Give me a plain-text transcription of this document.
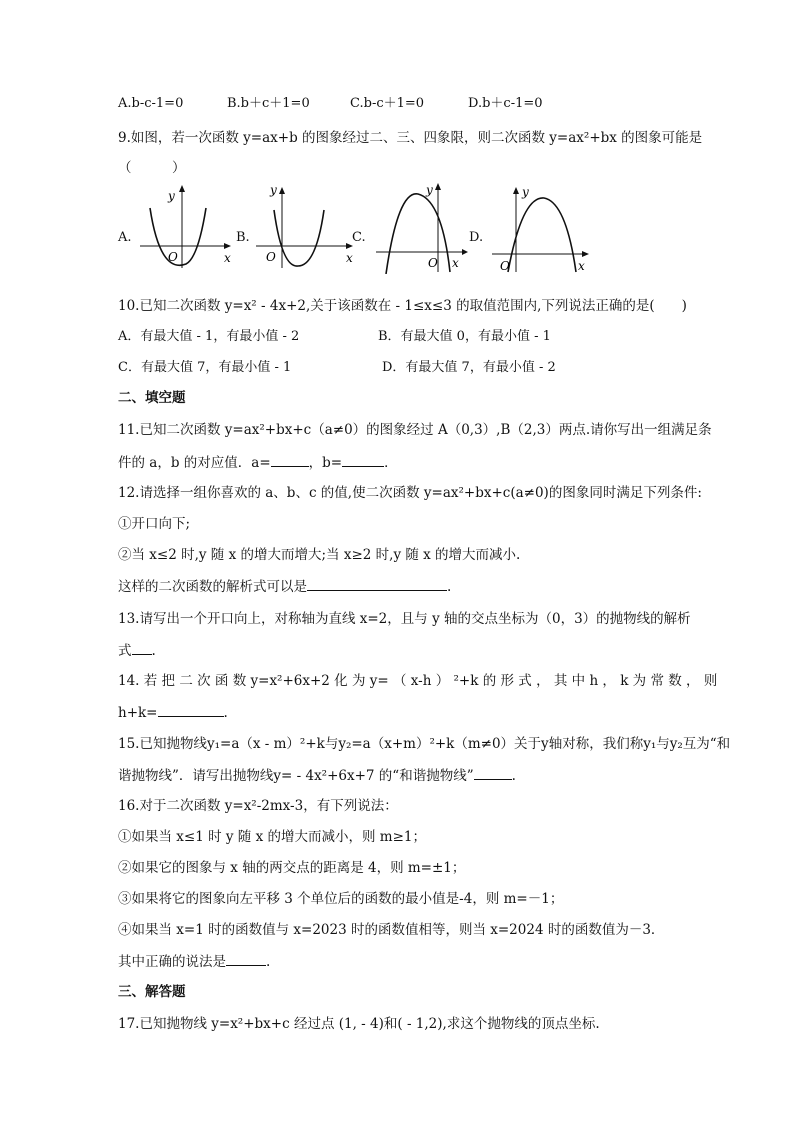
A.b-c-1=0	B.b＋c＋1=0	C.b-c＋1=0	D.b＋c-1=0
9.如图，若一次函数 y=ax+b 的图象经过二、三、四象限，则二次函数 y=ax²+bx 的图象可能是
（　　　）
A.	B.	C.	D.
O	x
y
O	x
y
O x
y
O	x
y
10.已知二次函数 y=x² - 4x+2,关于该函数在 - 1≤x≤3 的取值范围内,下列说法正确的是(　　)
A．有最大值 - 1，有最小值 - 2	B．有最大值 0，有最小值 - 1
C．有最大值 7，有最小值 - 1	D．有最大值 7，有最小值 - 2
二、填空题
11.已知二次函数 y=ax²+bx+c（a≠0）的图象经过 A（0,3）,B（2,3）两点.请你写出一组满足条
件的 a，b 的对应值．a=	，b=	．
12.请选择一组你喜欢的 a、b、c 的值,使二次函数 y=ax²+bx+c(a≠0)的图象同时满足下列条件:
①开口向下;
②当 x≤2 时,y 随 x 的增大而增大;当 x≥2 时,y 随 x 的增大而减小.
这样的二次函数的解析式可以是	.
13.请写出一个开口向上，对称轴为直线 x=2，且与 y 轴的交点坐标为（0，3）的抛物线的解析
式 .
14. 若 把 二 次 函 数 y=x²+6x+2 化 为 y= （ x-h ） ²+k 的 形 式 ， 其 中 h ， k 为 常 数 ， 则
h+k=	.
15.已知抛物线y₁=a（x - m）²+k与y₂=a（x+m）²+k（m≠0）关于y轴对称，我们称y₁与y₂互为“和
谐抛物线”．请写出抛物线y= - 4x²+6x+7 的“和谐抛物线”	.
16.对于二次函数 y=x²-2mx-3，有下列说法：
①如果当 x≤1 时 y 随 x 的增大而减小，则 m≥1；
②如果它的图象与 x 轴的两交点的距离是 4，则 m=±1；
③如果将它的图象向左平移 3 个单位后的函数的最小值是-4，则 m=－1；
④如果当 x=1 时的函数值与 x=2023 时的函数值相等，则当 x=2024 时的函数值为－3．
其中正确的说法是	.
三、解答题
17.已知抛物线 y=x²+bx+c 经过点 (1, - 4)和( - 1,2),求这个抛物线的顶点坐标.
